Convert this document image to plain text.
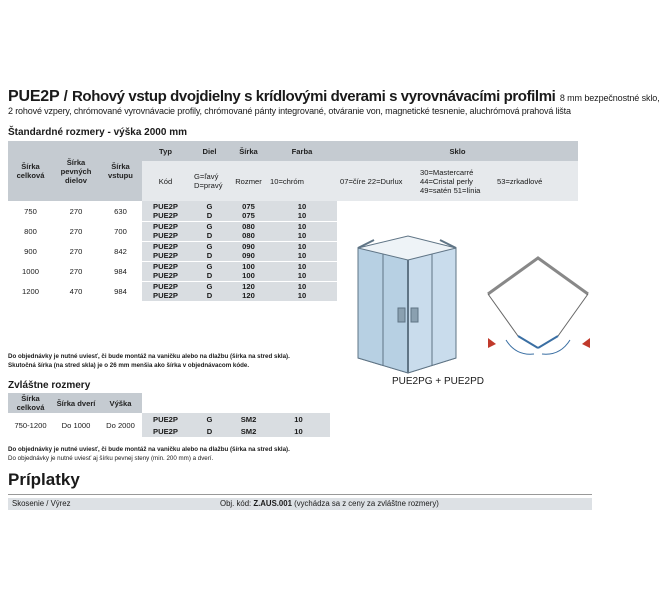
PUE2P / Rohový vstup dvojdielny s krídlovými dverami s vyrovnávacími profilmi 8 mm bezpečnostné sklo,
2 rohové vzpery, chrómované vyrovnávacie profily, chrómované pánty integrované, otváranie von, magnetické tesnenie, aluchrómová prahová lišta
Štandardné rozmery - výška 2000 mm
Šírka celková	Šírka pevných dielov	Šírka vstupu	Typ	Diel	Šírka	Farba	Sklo		
			Kód	G=ľavý D=pravý	Rozmer	10=chróm	07=číre 22=Durlux	30=Mastercarré 44=Cristal perly 49=satén 51=línia	53=zrkadlové
750	270	630	PUE2P	G	075	10			
			PUE2P	D	075	10			
800	270	700	PUE2P	G	080	10			
			PUE2P	D	080	10			
900	270	842	PUE2P	G	090	10			
			PUE2P	D	090	10			
1000	270	984	PUE2P	G	100	10			
			PUE2P	D	100	10			
1200	470	984	PUE2P	G	120	10			
			PUE2P	D	120	10			
Do objednávky je nutné uviesť, či bude montáž na vaničku alebo na dlažbu (šírka na stred skla).
Skutočná šírka (na stred skla) je o 26 mm menšia ako šírka v objednávacom kóde.
Zvláštne rozmery
Šírka celková	Šírka dverí	Výška				
750-1200	Do 1000	Do 2000	PUE2P	G	SM2	10
			PUE2P	D	SM2	10
Do objednávky je nutné uviesť, či bude montáž na vaničku alebo na dlažbu (šírka na stred skla).
Do objednávky je nutné uviesť aj šírku pevnej steny (min. 200 mm) a dverí.
PUE2PG + PUE2PD
Príplatky
Skosenie / Výrez	Obj. kód: Z.AUS.001 (vychádza sa z ceny za zvláštne rozmery)
